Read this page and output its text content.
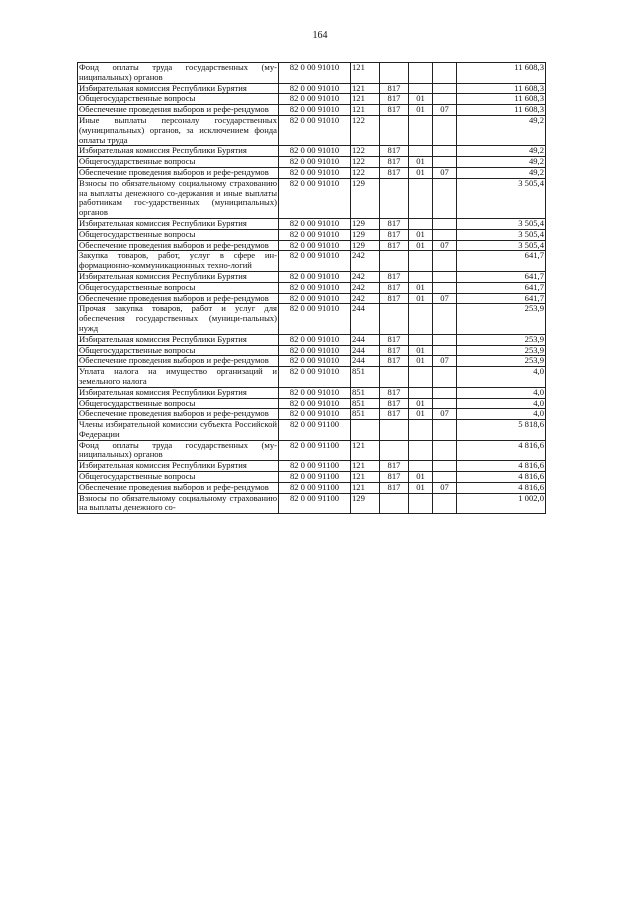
164
Фонд оплаты труда государственных (му-ниципальных) органов	82 0 00 91010	121				11 608,3
Избирательная комиссия Республики Бурятия	82 0 00 91010	121	817			11 608,3
Общегосударственные вопросы	82 0 00 91010	121	817	01		11 608,3
Обеспечение проведения выборов и рефе-рендумов	82 0 00 91010	121	817	01	07	11 608,3
Иные выплаты персоналу государственных (муниципальных) органов, за исключением фонда оплаты труда	82 0 00 91010	122				49,2
Избирательная комиссия Республики Бурятия	82 0 00 91010	122	817			49,2
Общегосударственные вопросы	82 0 00 91010	122	817	01		49,2
Обеспечение проведения выборов и рефе-рендумов	82 0 00 91010	122	817	01	07	49,2
Взносы по обязательному социальному страхованию на выплаты денежного со-держания и иные выплаты работникам гос-ударственных (муниципальных) органов	82 0 00 91010	129				3 505,4
Избирательная комиссия Республики Бурятия	82 0 00 91010	129	817			3 505,4
Общегосударственные вопросы	82 0 00 91010	129	817	01		3 505,4
Обеспечение проведения выборов и рефе-рендумов	82 0 00 91010	129	817	01	07	3 505,4
Закупка товаров, работ, услуг в сфере ин-формационно-коммуникационных техно-логий	82 0 00 91010	242				641,7
Избирательная комиссия Республики Бурятия	82 0 00 91010	242	817			641,7
Общегосударственные вопросы	82 0 00 91010	242	817	01		641,7
Обеспечение проведения выборов и рефе-рендумов	82 0 00 91010	242	817	01	07	641,7
Прочая закупка товаров, работ и услуг для обеспечения государственных (муници-пальных) нужд	82 0 00 91010	244				253,9
Избирательная комиссия Республики Бурятия	82 0 00 91010	244	817			253,9
Общегосударственные вопросы	82 0 00 91010	244	817	01		253,9
Обеспечение проведения выборов и рефе-рендумов	82 0 00 91010	244	817	01	07	253,9
Уплата налога на имущество организаций и земельного налога	82 0 00 91010	851				4,0
Избирательная комиссия Республики Бурятия	82 0 00 91010	851	817			4,0
Общегосударственные вопросы	82 0 00 91010	851	817	01		4,0
Обеспечение проведения выборов и рефе-рендумов	82 0 00 91010	851	817	01	07	4,0
Члены избирательной комиссии субъекта Российской Федерации	82 0 00 91100					5 818,6
Фонд оплаты труда государственных (му-ниципальных) органов	82 0 00 91100	121				4 816,6
Избирательная комиссия Республики Бурятия	82 0 00 91100	121	817			4 816,6
Общегосударственные вопросы	82 0 00 91100	121	817	01		4 816,6
Обеспечение проведения выборов и рефе-рендумов	82 0 00 91100	121	817	01	07	4 816,6
Взносы по обязательному социальному страхованию на выплаты денежного со-	82 0 00 91100	129				1 002,0
